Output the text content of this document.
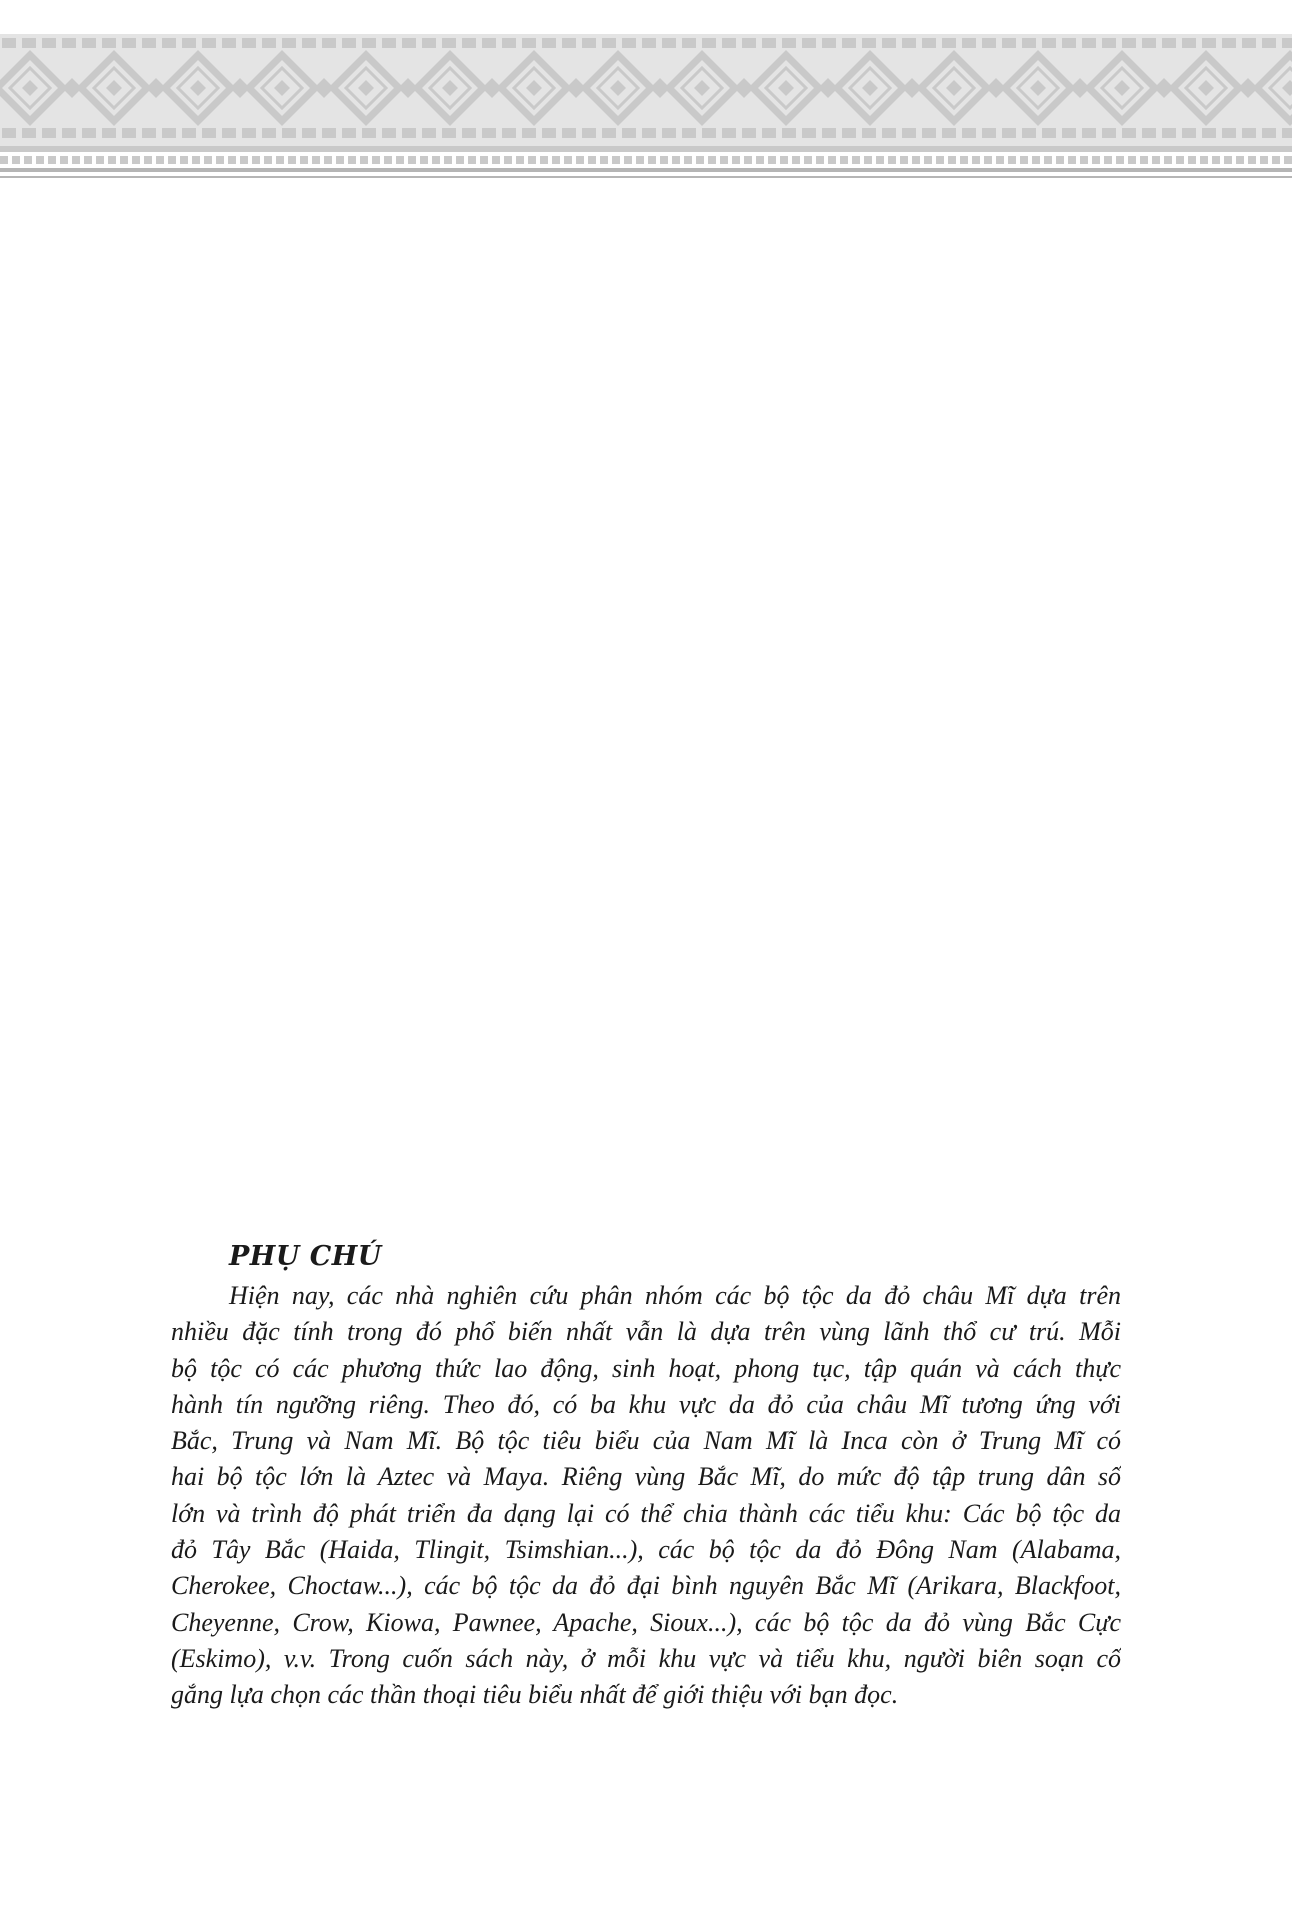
PHỤ CHÚ
Hiện nay, các nhà nghiên cứu phân nhóm các bộ tộc da đỏ châu Mĩ dựa trên
nhiều đặc tính trong đó phổ biến nhất vẫn là dựa trên vùng lãnh thổ cư trú. Mỗi
bộ tộc có các phương thức lao động, sinh hoạt, phong tục, tập quán và cách thực
hành tín ngưỡng riêng. Theo đó, có ba khu vực da đỏ của châu Mĩ tương ứng với
Bắc, Trung và Nam Mĩ. Bộ tộc tiêu biểu của Nam Mĩ là Inca còn ở Trung Mĩ có
hai bộ tộc lớn là Aztec và Maya. Riêng vùng Bắc Mĩ, do mức độ tập trung dân số
lớn và trình độ phát triển đa dạng lại có thể chia thành các tiểu khu: Các bộ tộc da
đỏ Tây Bắc (Haida, Tlingit, Tsimshian...), các bộ tộc da đỏ Đông Nam (Alabama,
Cherokee, Choctaw...), các bộ tộc da đỏ đại bình nguyên Bắc Mĩ (Arikara, Blackfoot,
Cheyenne, Crow, Kiowa, Pawnee, Apache, Sioux...), các bộ tộc da đỏ vùng Bắc Cực
(Eskimo), v.v. Trong cuốn sách này, ở mỗi khu vực và tiểu khu, người biên soạn cố
gắng lựa chọn các thần thoại tiêu biểu nhất để giới thiệu với bạn đọc.
